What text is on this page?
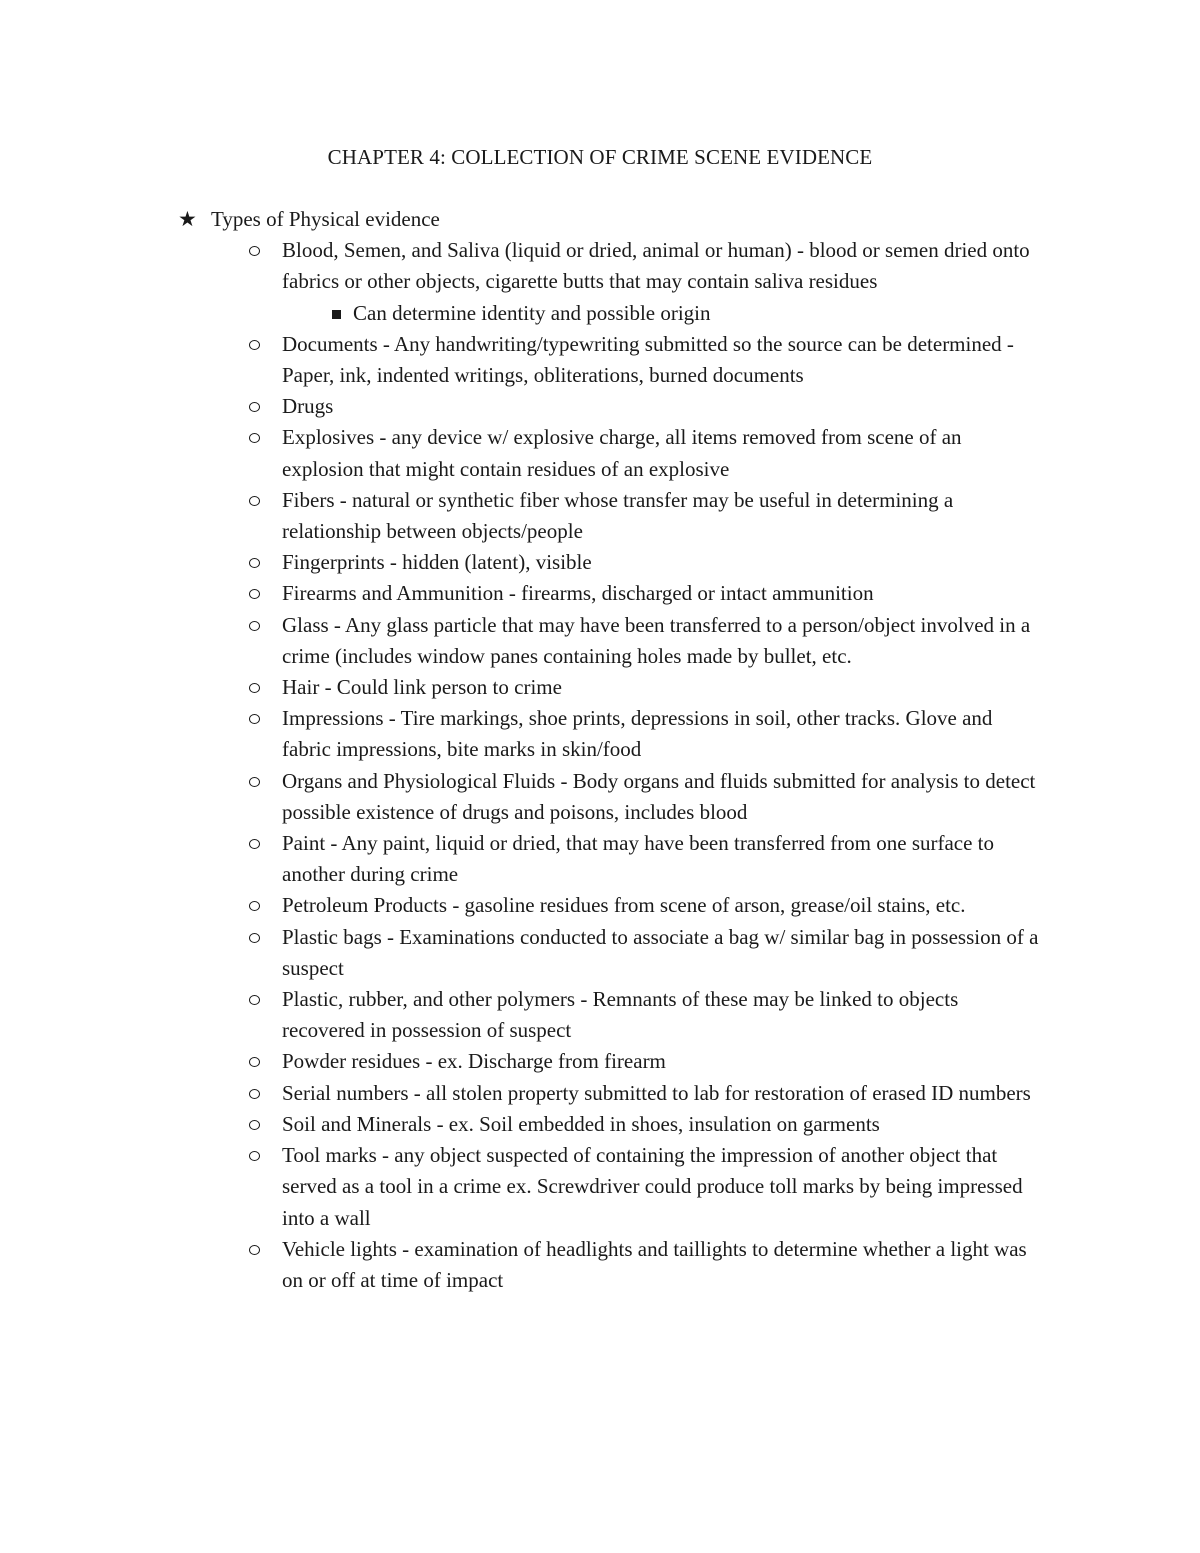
CHAPTER 4: COLLECTION OF CRIME SCENE EVIDENCE
★ Types of Physical evidence
Blood, Semen, and Saliva (liquid or dried, animal or human) - blood or semen dried onto fabrics or other objects, cigarette butts that may contain saliva residues
Can determine identity and possible origin
Documents - Any handwriting/typewriting submitted so the source can be determined - Paper, ink, indented writings, obliterations, burned documents
Drugs
Explosives - any device w/ explosive charge, all items removed from scene of an explosion that might contain residues of an explosive
Fibers - natural or synthetic fiber whose transfer may be useful in determining a relationship between objects/people
Fingerprints - hidden (latent), visible
Firearms and Ammunition - firearms, discharged or intact ammunition
Glass - Any glass particle that may have been transferred to a person/object involved in a crime (includes window panes containing holes made by bullet, etc.
Hair - Could link person to crime
Impressions - Tire markings, shoe prints, depressions in soil, other tracks. Glove and fabric impressions, bite marks in skin/food
Organs and Physiological Fluids - Body organs and fluids submitted for analysis to detect possible existence of drugs and poisons, includes blood
Paint - Any paint, liquid or dried, that may have been transferred from one surface to another during crime
Petroleum Products - gasoline residues from scene of arson, grease/oil stains, etc.
Plastic bags - Examinations conducted to associate a bag w/ similar bag in possession of a suspect
Plastic, rubber, and other polymers - Remnants of these may be linked to objects recovered in possession of suspect
Powder residues - ex. Discharge from firearm
Serial numbers - all stolen property submitted to lab for restoration of erased ID numbers
Soil and Minerals - ex. Soil embedded in shoes, insulation on garments
Tool marks - any object suspected of containing the impression of another object that served as a tool in a crime ex. Screwdriver could produce toll marks by being impressed into a wall
Vehicle lights - examination of headlights and taillights to determine whether a light was on or off at time of impact
